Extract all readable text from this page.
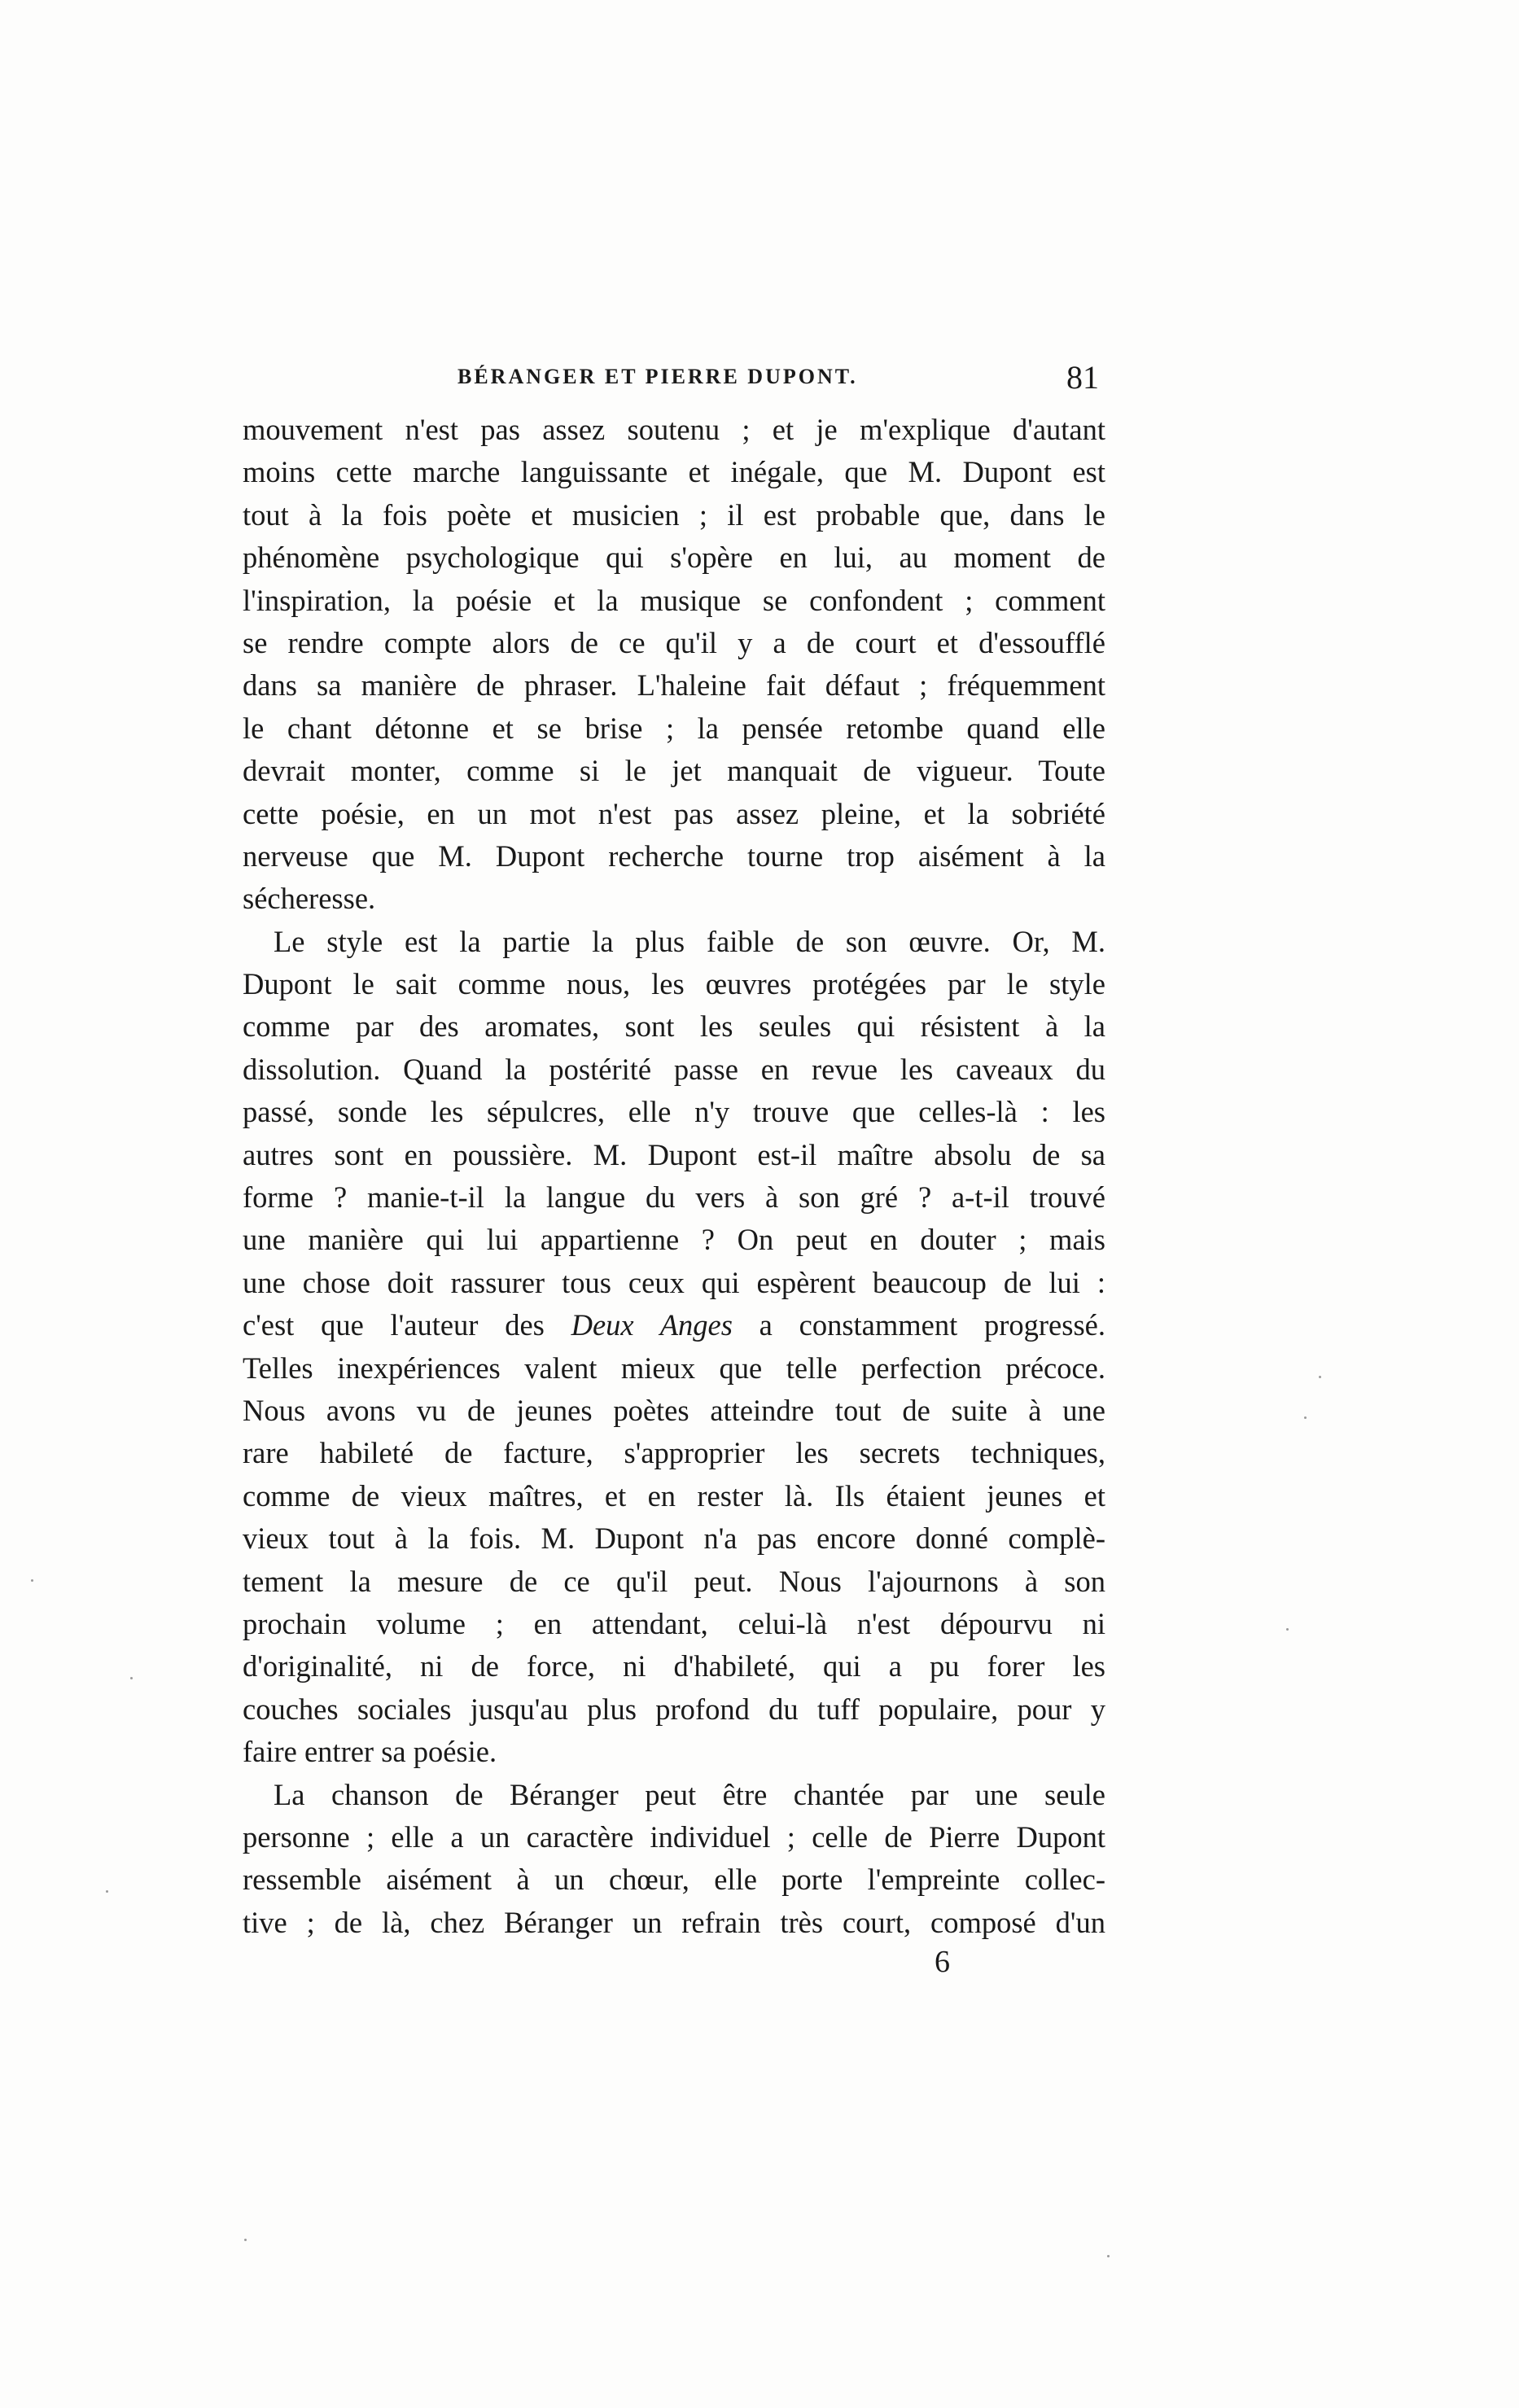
BÉRANGER ET PIERRE DUPONT.	81
mouvement n'est pas assez soutenu ; et je m'explique d'autant
moins cette marche languissante et inégale, que M. Dupont est
tout à la fois poète et musicien ; il est probable que, dans le
phénomène psychologique qui s'opère en lui, au moment de
l'inspiration, la poésie et la musique se confondent ; comment
se rendre compte alors de ce qu'il y a de court et d'essoufflé
dans sa manière de phraser. L'haleine fait défaut ; fréquemment
le chant détonne et se brise ; la pensée retombe quand elle
devrait monter, comme si le jet manquait de vigueur. Toute
cette poésie, en un mot n'est pas assez pleine, et la sobriété
nerveuse que M. Dupont recherche tourne trop aisément à la
sécheresse.
Le style est la partie la plus faible de son œuvre. Or, M.
Dupont le sait comme nous, les œuvres protégées par le style
comme par des aromates, sont les seules qui résistent à la
dissolution. Quand la postérité passe en revue les caveaux du
passé, sonde les sépulcres, elle n'y trouve que celles-là : les
autres sont en poussière. M. Dupont est-il maître absolu de sa
forme ? manie-t-il la langue du vers à son gré ? a-t-il trouvé
une manière qui lui appartienne ? On peut en douter ; mais
une chose doit rassurer tous ceux qui espèrent beaucoup de lui :
c'est que l'auteur des Deux Anges a constamment progressé.
Telles inexpériences valent mieux que telle perfection précoce.
Nous avons vu de jeunes poètes atteindre tout de suite à une
rare habileté de facture, s'approprier les secrets techniques,
comme de vieux maîtres, et en rester là. Ils étaient jeunes et
vieux tout à la fois. M. Dupont n'a pas encore donné complè-
tement la mesure de ce qu'il peut. Nous l'ajournons à son
prochain volume ; en attendant, celui-là n'est dépourvu ni
d'originalité, ni de force, ni d'habileté, qui a pu forer les
couches sociales jusqu'au plus profond du tuff populaire, pour y
faire entrer sa poésie.
La chanson de Béranger peut être chantée par une seule
personne ; elle a un caractère individuel ; celle de Pierre Dupont
ressemble aisément à un chœur, elle porte l'empreinte collec-
tive ; de là, chez Béranger un refrain très court, composé d'un
6
